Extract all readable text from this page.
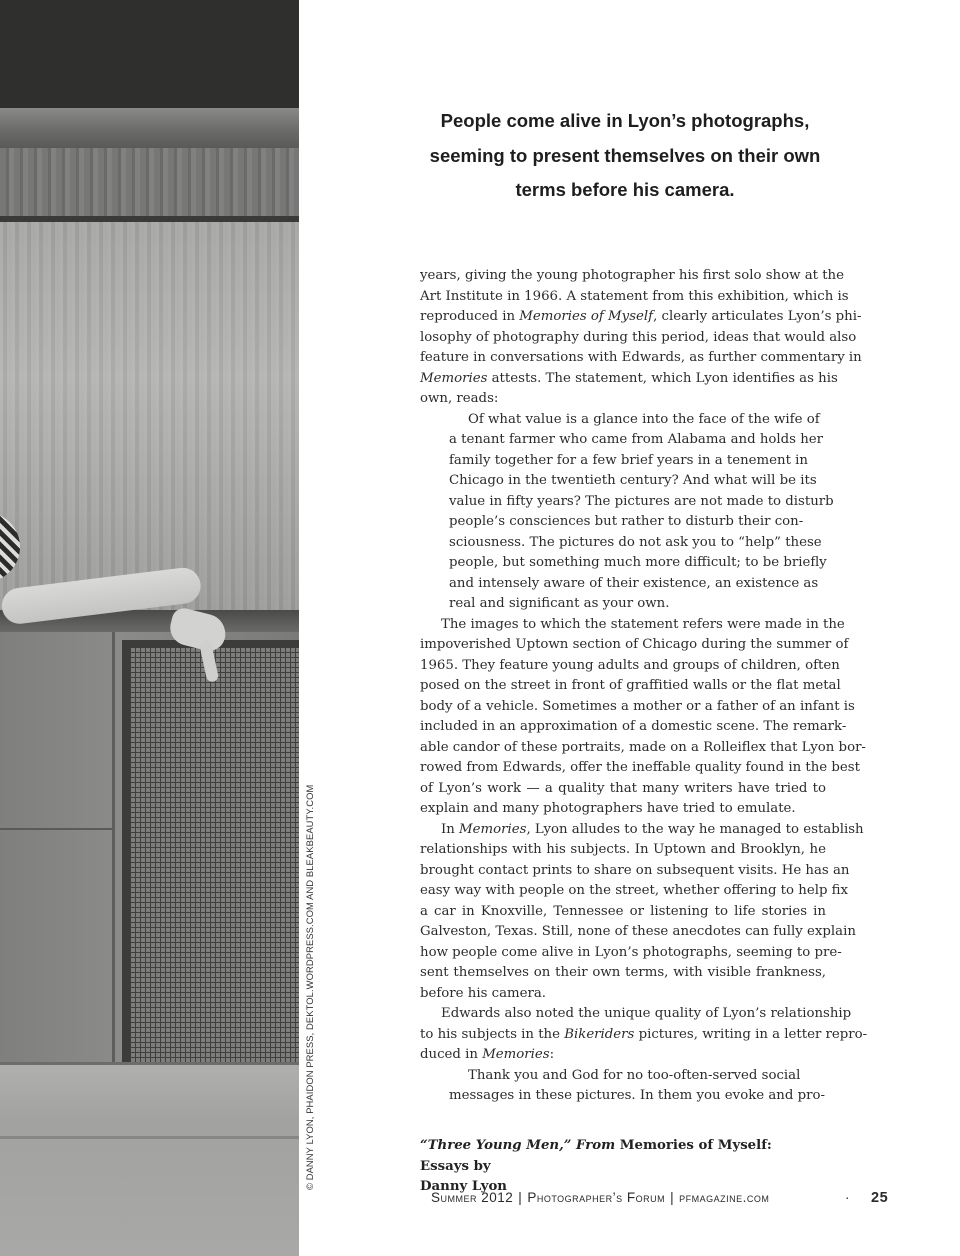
© DANNY LYON, PHAIDON PRESS, DEKTOL.WORDPRESS.COM AND BLEAKBEAUTY.COM

People come alive in Lyon’s photographs,
seeming to present themselves on their own
terms before his camera.

years, giving the young photographer his first solo show at the
Art Institute in 1966. A statement from this exhibition, which is
reproduced in Memories of Myself, clearly articulates Lyon’s phi-
losophy of photography during this period, ideas that would also
feature in conversations with Edwards, as further commentary in
Memories attests. The statement, which Lyon identifies as his
own, reads:
Of what value is a glance into the face of the wife of
a tenant farmer who came from Alabama and holds her
family together for a few brief years in a tenement in
Chicago in the twentieth century? And what will be its
value in fifty years? The pictures are not made to disturb
people’s consciences but rather to disturb their con-
sciousness. The pictures do not ask you to “help” these
people, but something much more difficult; to be briefly
and intensely aware of their existence, an existence as
real and significant as your own.
The images to which the statement refers were made in the
impoverished Uptown section of Chicago during the summer of
1965. They feature young adults and groups of children, often
posed on the street in front of graffitied walls or the flat metal
body of a vehicle. Sometimes a mother or a father of an infant is
included in an approximation of a domestic scene. The remark-
able candor of these portraits, made on a Rolleiflex that Lyon bor-
rowed from Edwards, offer the ineffable quality found in the best
of Lyon’s work — a quality that many writers have tried to
explain and many photographers have tried to emulate.
In Memories, Lyon alludes to the way he managed to establish
relationships with his subjects. In Uptown and Brooklyn, he
brought contact prints to share on subsequent visits. He has an
easy way with people on the street, whether offering to help fix
a car in Knoxville, Tennessee or listening to life stories in
Galveston, Texas. Still, none of these anecdotes can fully explain
how people come alive in Lyon’s photographs, seeming to pre-
sent themselves on their own terms, with visible frankness,
before his camera.
Edwards also noted the unique quality of Lyon’s relationship
to his subjects in the Bikeriders pictures, writing in a letter repro-
duced in Memories:
Thank you and God for no too-often-served social
messages in these pictures. In them you evoke and pro-
“Three Young Men,” From Memories of Myself: Essays by
Danny Lyon
Summer 2012 | Photographer’s Forum | pfmagazine.com	· 25
